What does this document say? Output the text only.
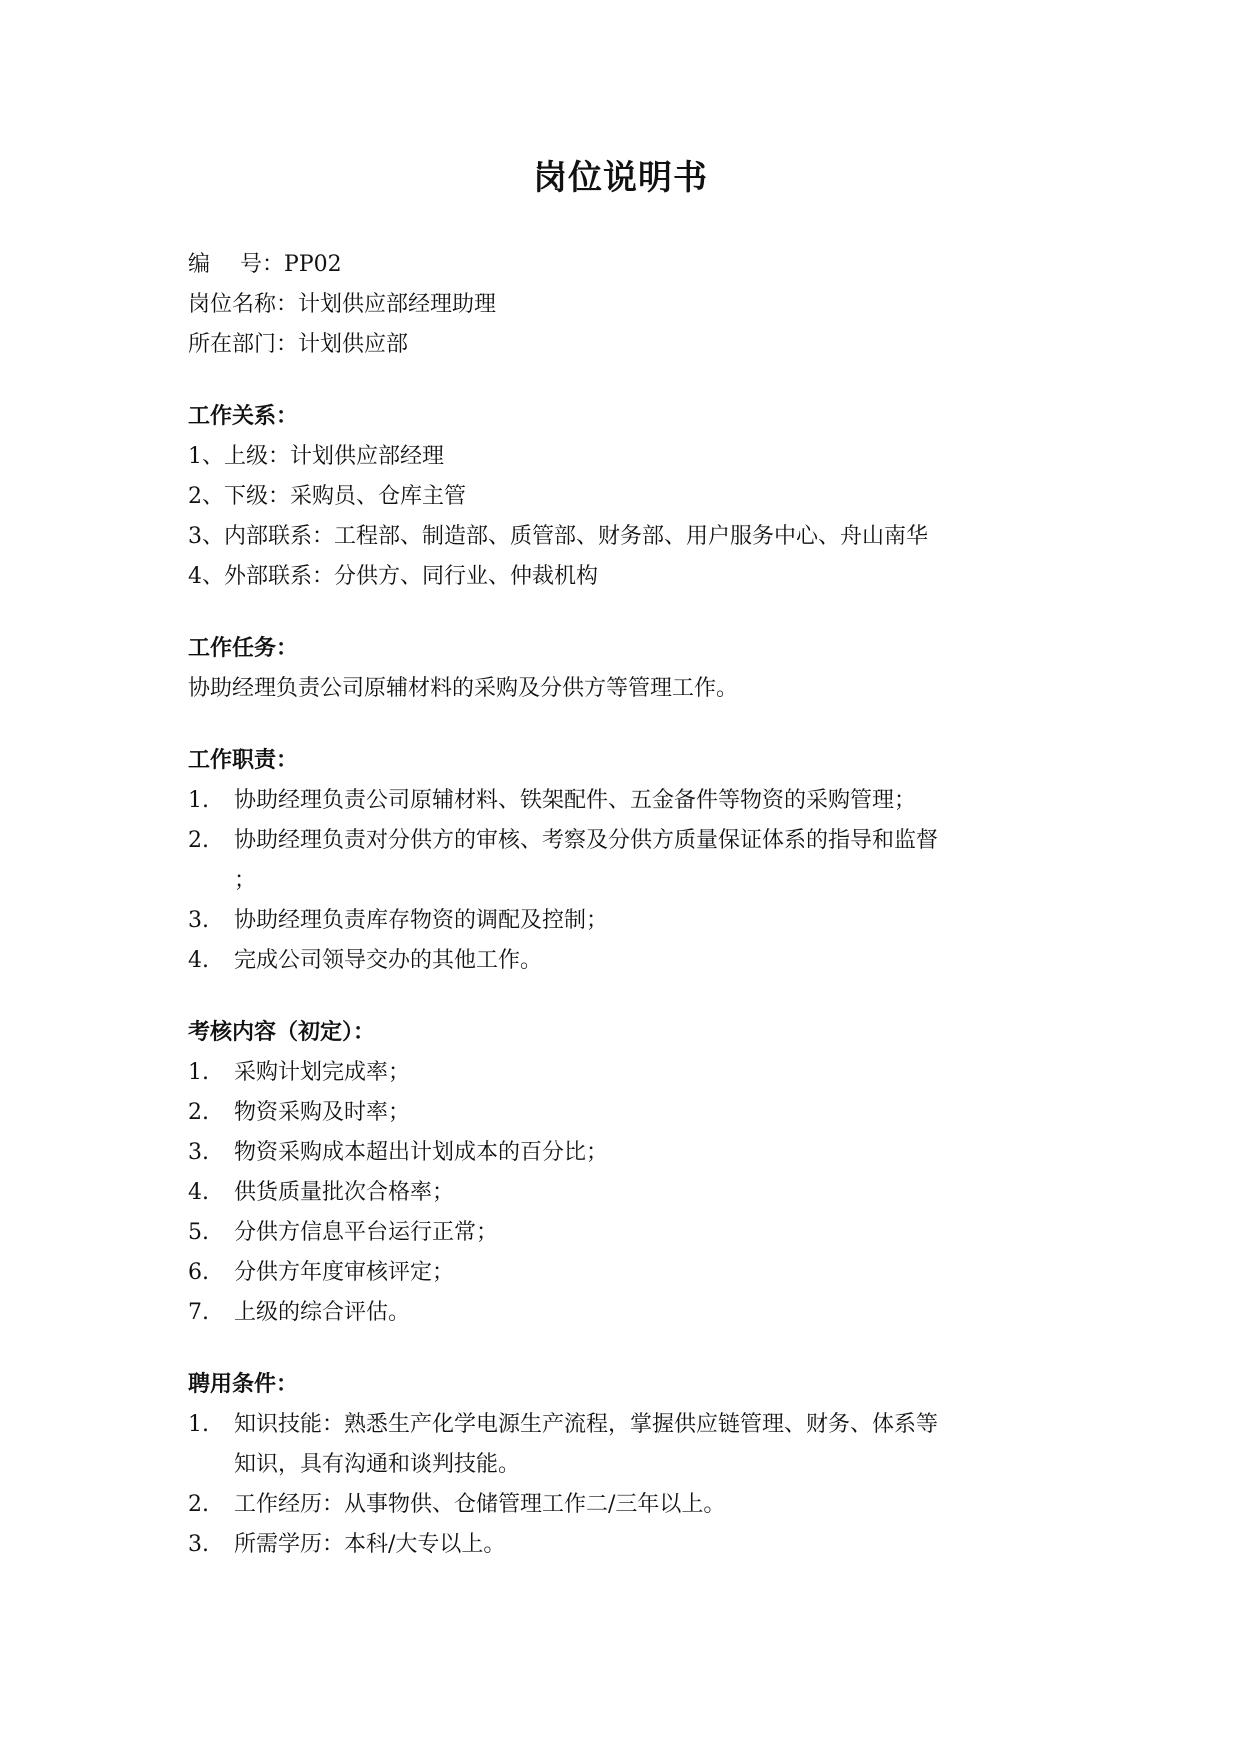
岗位说明书
编 号：PP02
岗位名称：计划供应部经理助理
所在部门：计划供应部
工作关系：
1、上级：计划供应部经理
2、下级：采购员、仓库主管
3、内部联系：工程部、制造部、质管部、财务部、用户服务中心、舟山南华
4、外部联系：分供方、同行业、仲裁机构
工作任务：
协助经理负责公司原辅材料的采购及分供方等管理工作。
工作职责：
1. 协助经理负责公司原辅材料、铁架配件、五金备件等物资的采购管理；
2. 协助经理负责对分供方的审核、考察及分供方质量保证体系的指导和监督
；
3. 协助经理负责库存物资的调配及控制；
4. 完成公司领导交办的其他工作。
考核内容（初定）：
1. 采购计划完成率；
2. 物资采购及时率；
3. 物资采购成本超出计划成本的百分比；
4. 供货质量批次合格率；
5. 分供方信息平台运行正常；
6. 分供方年度审核评定；
7. 上级的综合评估。
聘用条件：
1. 知识技能：熟悉生产化学电源生产流程，掌握供应链管理、财务、体系等
知识，具有沟通和谈判技能。
2. 工作经历：从事物供、仓储管理工作二/三年以上。
3. 所需学历：本科/大专以上。
